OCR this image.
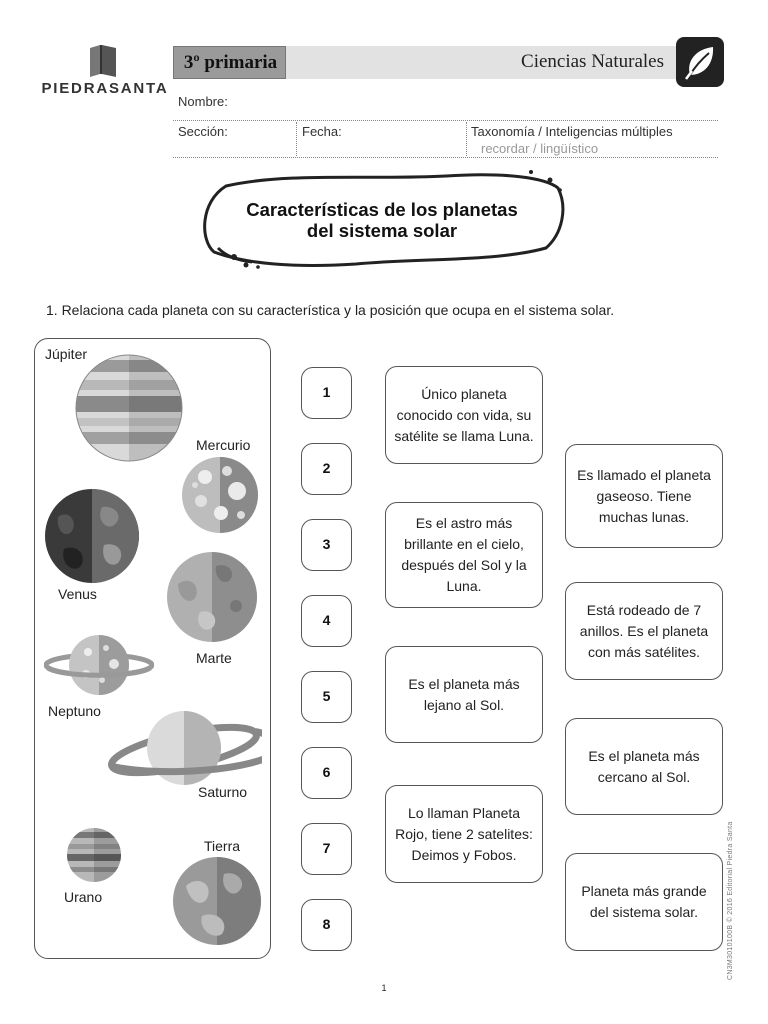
PIEDRASANTA
3º primaria	Ciencias Naturales
Nombre:
Sección:	Fecha:	Taxonomía / Inteligencias múltiples
recordar / lingüístico
Características de los planetas
del sistema solar
1. Relaciona cada planeta con su característica y la posición que ocupa en el sistema solar.
Júpiter
Mercurio
Venus
Marte
Neptuno
Saturno
Tierra
Urano
1
2
3
4
5
6
7
8
Único planeta conocido con vida, su satélite se llama Luna.
Es el astro más brillante en el cielo, después del Sol y la Luna.
Es el planeta más lejano al Sol.
Lo llaman Planeta Rojo, tiene 2 satelites: Deimos y Fobos.
Es llamado el planeta gaseoso. Tiene muchas lunas.
Está rodeado de 7 anillos. Es el planeta con más satélites.
Es el planeta más cercano al Sol.
Planeta más grande del sistema solar.	CN3M3010100B © 2016 Editorial Piedra Santa
1
